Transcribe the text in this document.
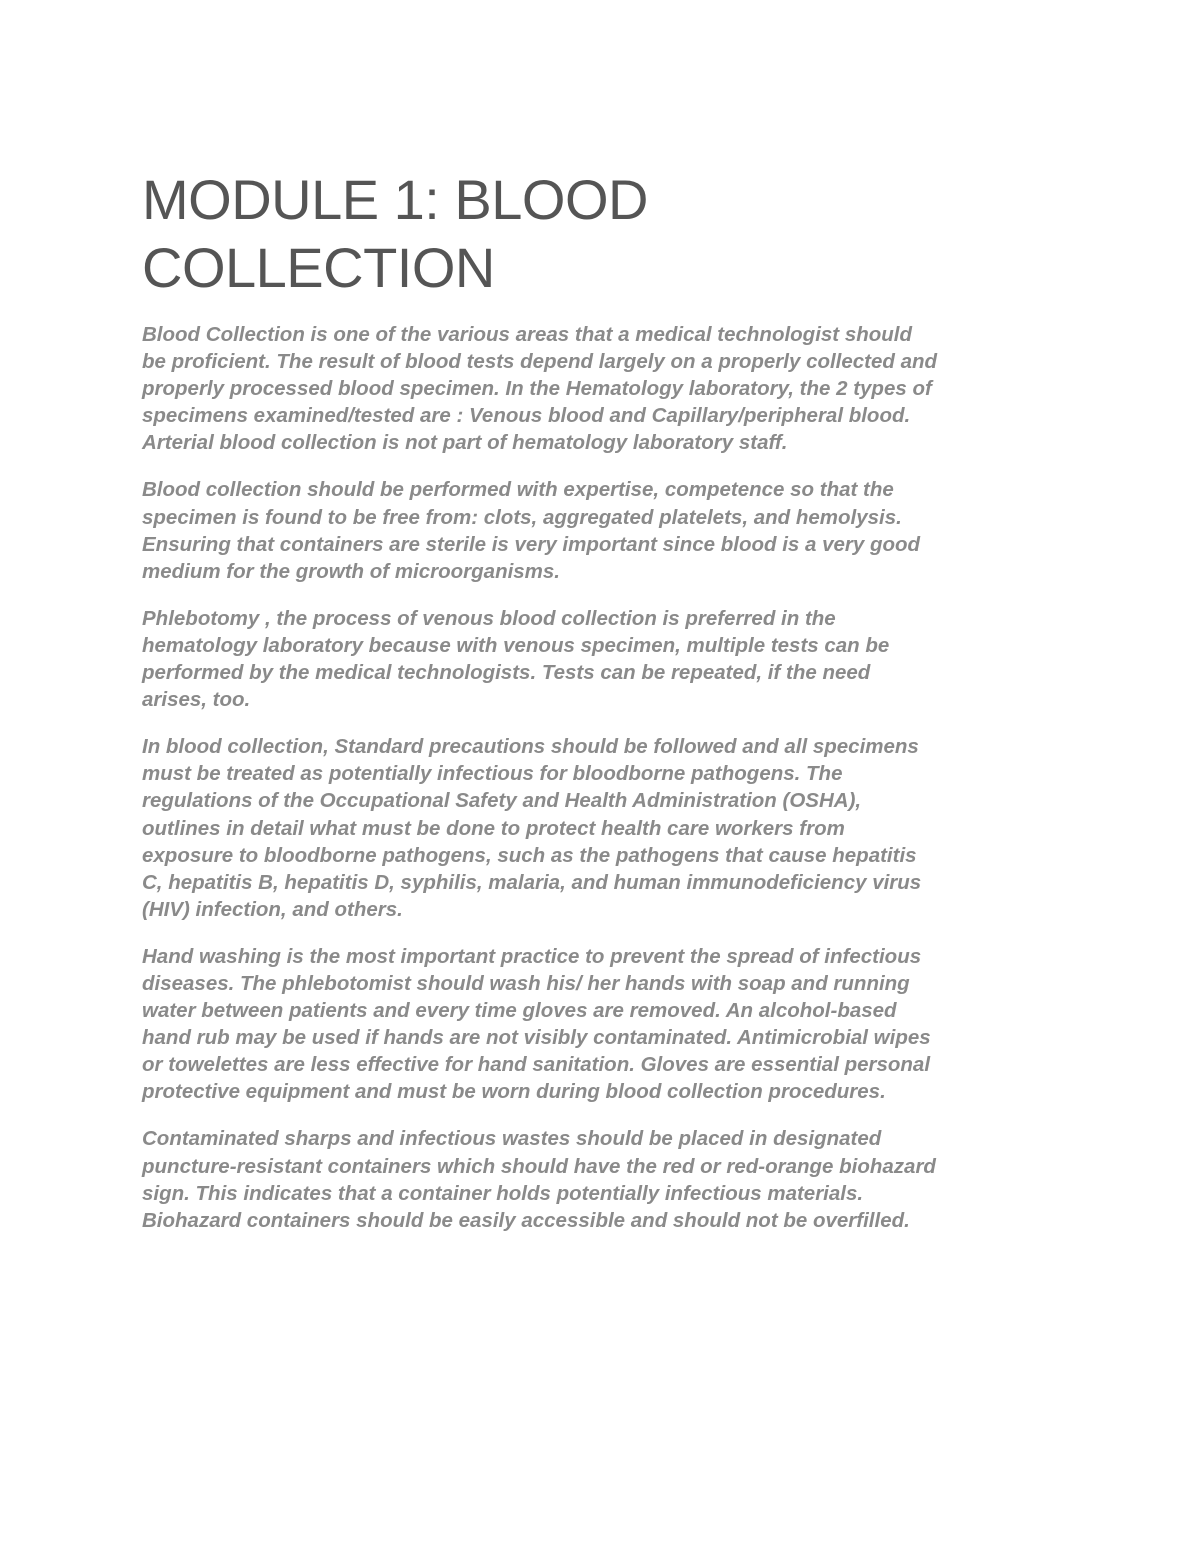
MODULE 1: BLOOD
COLLECTION

Blood Collection is one of the various areas that a medical technologist should
be proficient. The result of blood tests depend largely on a properly collected and
properly processed blood specimen. In the Hematology laboratory, the 2 types of
specimens examined/tested are : Venous blood and Capillary/peripheral blood.
Arterial blood collection is not part of hematology laboratory staff.

Blood collection should be performed with expertise, competence so that the
specimen is found to be free from: clots, aggregated platelets, and hemolysis.
Ensuring that containers are sterile is very important since blood is a very good
medium for the growth of microorganisms.

Phlebotomy , the process of venous blood collection is preferred in the
hematology laboratory because with venous specimen, multiple tests can be
performed by the medical technologists. Tests can be repeated, if the need
arises, too.

In blood collection, Standard precautions should be followed and all specimens
must be treated as potentially infectious for bloodborne pathogens. The
regulations of the Occupational Safety and Health Administration (OSHA),
outlines in detail what must be done to protect health care workers from
exposure to bloodborne pathogens, such as the pathogens that cause hepatitis
C, hepatitis B, hepatitis D, syphilis, malaria, and human immunodeficiency virus
(HIV) infection, and others.

Hand washing is the most important practice to prevent the spread of infectious
diseases. The phlebotomist should wash his/ her hands with soap and running
water between patients and every time gloves are removed. An alcohol-based
hand rub may be used if hands are not visibly contaminated. Antimicrobial wipes
or towelettes are less effective for hand sanitation. Gloves are essential personal
protective equipment and must be worn during blood collection procedures.

Contaminated sharps and infectious wastes should be placed in designated
puncture-resistant containers which should have the red or red-orange biohazard
sign. This indicates that a container holds potentially infectious materials.
Biohazard containers should be easily accessible and should not be overfilled.
